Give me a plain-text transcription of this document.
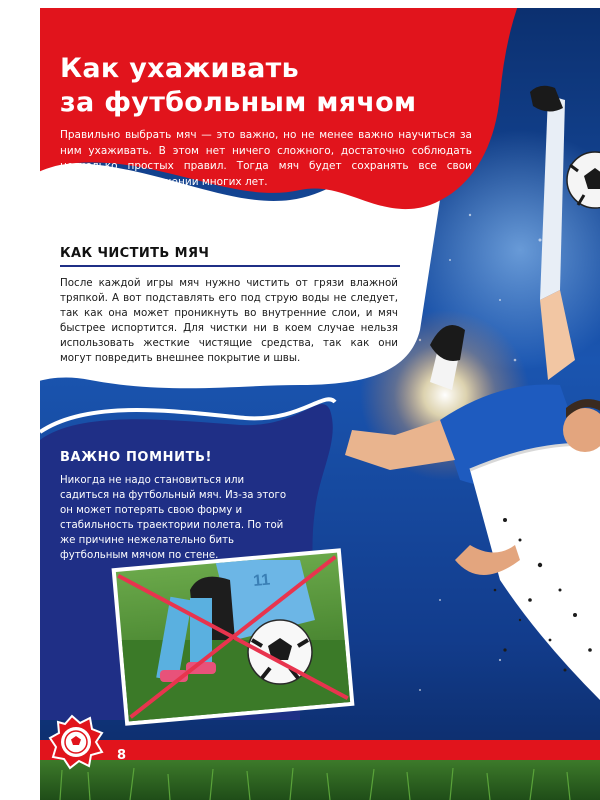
11
Как ухаживать
за футбольным мячом

Правильно выбрать мяч — это важно, но не менее важно научиться за ним ухаживать. В этом нет ничего сложного, достаточно соблюдать несколько простых правил. Тогда мяч будет сохранять все свои свойства на протяжении многих лет.

КАК ЧИСТИТЬ МЯЧ

После каждой игры мяч нужно чистить от грязи влажной тряпкой. А вот подставлять его под струю воды не следует, так как она может проникнуть во внутренние слои, и мяч быстрее испортится. Для чистки ни в коем случае нельзя использовать жесткие чистящие средства, так как они могут повредить внешнее покрытие и швы.

ВАЖНО ПОМНИТЬ!

Никогда не надо становиться или садиться на футбольный мяч. Из-за этого он может потерять свою форму и стабильность траектории полета. По той же причине нежелательно бить футбольным мячом по стене.

8
